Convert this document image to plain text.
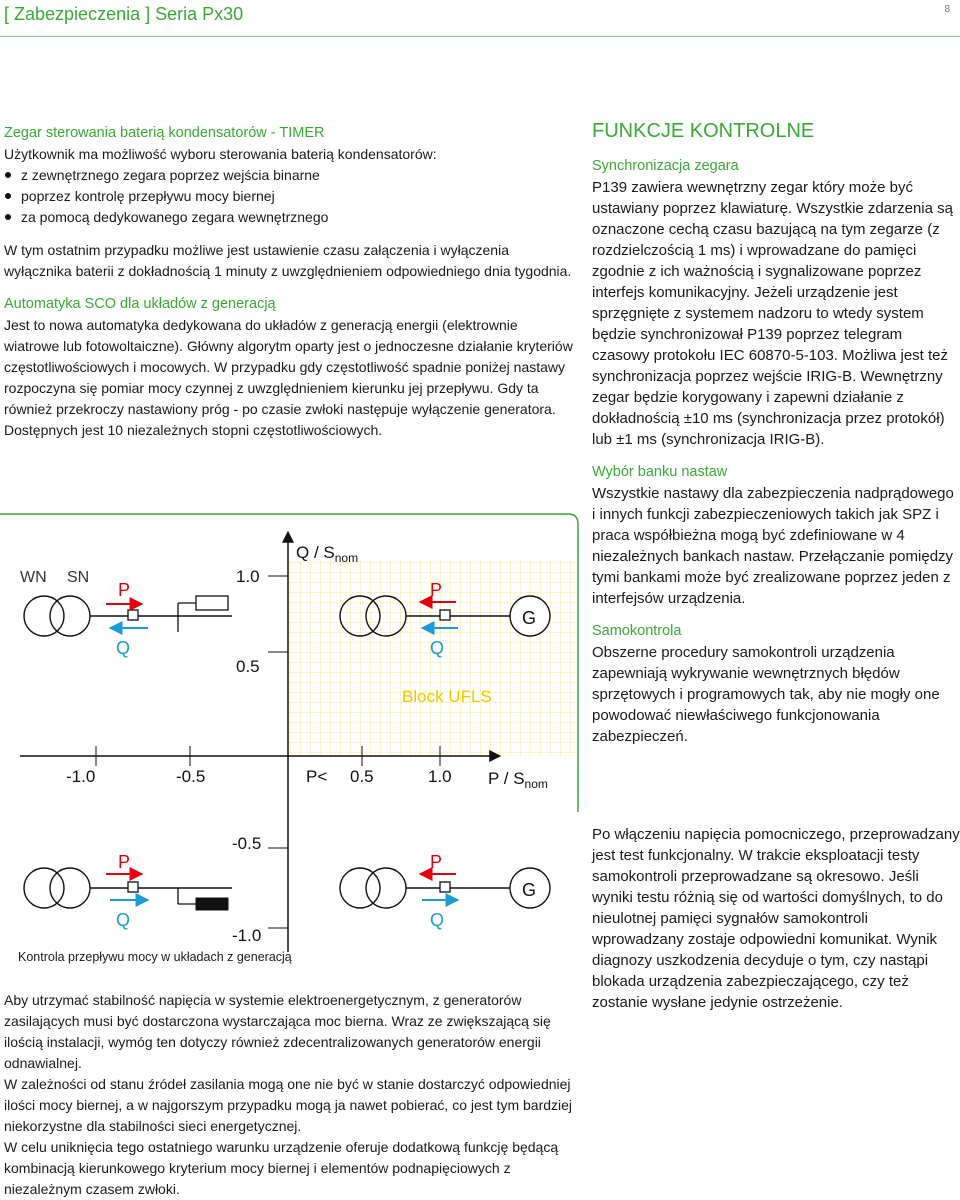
[ Zabezpieczenia ] Seria Px30	8

Zegar sterowania baterią kondensatorów - TIMER

Użytkownik ma możliwość wyboru sterowania baterią kondensatorów:

z zewnętrznego zegara poprzez wejścia binarne
poprzez kontrolę przepływu mocy biernej
za pomocą dedykowanego zegara wewnętrznego

W tym ostatnim przypadku możliwe jest ustawienie czasu załączenia i wyłączenia wyłącznika baterii z dokładnością 1 minuty z uwzględnieniem odpowiedniego dnia tygodnia.

Automatyka SCO dla układów z generacją

Jest to nowa automatyka dedykowana do układów z generacją energii (elektrownie wiatrowe lub fotowoltaiczne). Główny algorytm oparty jest o jednoczesne działanie kryteriów częstotliwościowych i mocowych. W przypadku gdy częstotliwość spadnie poniżej nastawy rozpoczyna się pomiar mocy czynnej z uwzględnieniem kierunku jej przepływu. Gdy ta również przekroczy nastawiony próg - po czasie zwłoki następuje wyłączenie generatora. Dostępnych jest 10 niezależnych stopni częstotliwościowych.

Q / $S_{nom}$
P / $S_{nom}$
1.0
0.5
-0.5
-1.0
-1.0	-0.5	P< 0.5	1.0
Block UFLS
WN SN
P
Q
G
P
Q
P
Q
G
P
Q
Kontrola przepływu mocy w układach z generacją

Aby utrzymać stabilność napięcia w systemie elektroenergetycznym, z generatorów zasilających musi być dostarczona wystarczająca moc bierna. Wraz ze zwiększającą się ilością instalacji, wymóg ten dotyczy również zdecentralizowanych generatorów energii odnawialnej.

W zależności od stanu źródeł zasilania mogą one nie być w stanie dostarczyć odpowiedniej ilości mocy biernej, a w najgorszym przypadku mogą ja nawet pobierać, co jest tym bardziej niekorzystne dla stabilności sieci energetycznej.

W celu uniknięcia tego ostatniego warunku urządzenie oferuje dodatkową funkcję będącą kombinacją kierunkowego kryterium mocy biernej i elementów podnapięciowych z niezależnym czasem zwłoki.

FUNKCJE KONTROLNE

Synchronizacja zegara

P139 zawiera wewnętrzny zegar który może być ustawiany poprzez klawiaturę. Wszystkie zdarzenia są oznaczone cechą czasu bazującą na tym zegarze (z rozdzielczością 1 ms) i wprowadzane do pamięci zgodnie z ich ważnością i sygnalizowane poprzez interfejs komunikacyjny. Jeżeli urządzenie jest sprzęgnięte z systemem nadzoru to wtedy system będzie synchronizował P139 poprzez telegram czasowy protokołu IEC 60870-5-103. Możliwa jest też synchronizacja poprzez wejście IRIG-B. Wewnętrzny zegar będzie korygowany i zapewni działanie z dokładnością ±10 ms (synchronizacja przez protokół) lub ±1 ms (synchronizacja IRIG-B).

Wybór banku nastaw

Wszystkie nastawy dla zabezpieczenia nadprądowego i innych funkcji zabezpieczeniowych takich jak SPZ i praca współbieżna mogą być zdefiniowane w 4 niezależnych bankach nastaw. Przełączanie pomiędzy tymi bankami może być zrealizowane poprzez jeden z interfejsów urządzenia.

Samokontrola

Obszerne procedury samokontroli urządzenia zapewniają wykrywanie wewnętrznych błędów sprzętowych i programowych tak, aby nie mogły one powodować niewłaściwego funkcjonowania zabezpieczeń.

Po włączeniu napięcia pomocniczego, przeprowadzany jest test funkcjonalny. W trakcie eksploatacji testy samokontroli przeprowadzane są okresowo. Jeśli wyniki testu różnią się od wartości domyślnych, to do nieulotnej pamięci sygnałów samokontroli wprowadzany zostaje odpowiedni komunikat. Wynik diagnozy uszkodzenia decyduje o tym, czy nastąpi blokada urządzenia zabezpieczającego, czy też zostanie wysłane jedynie ostrzeżenie.
